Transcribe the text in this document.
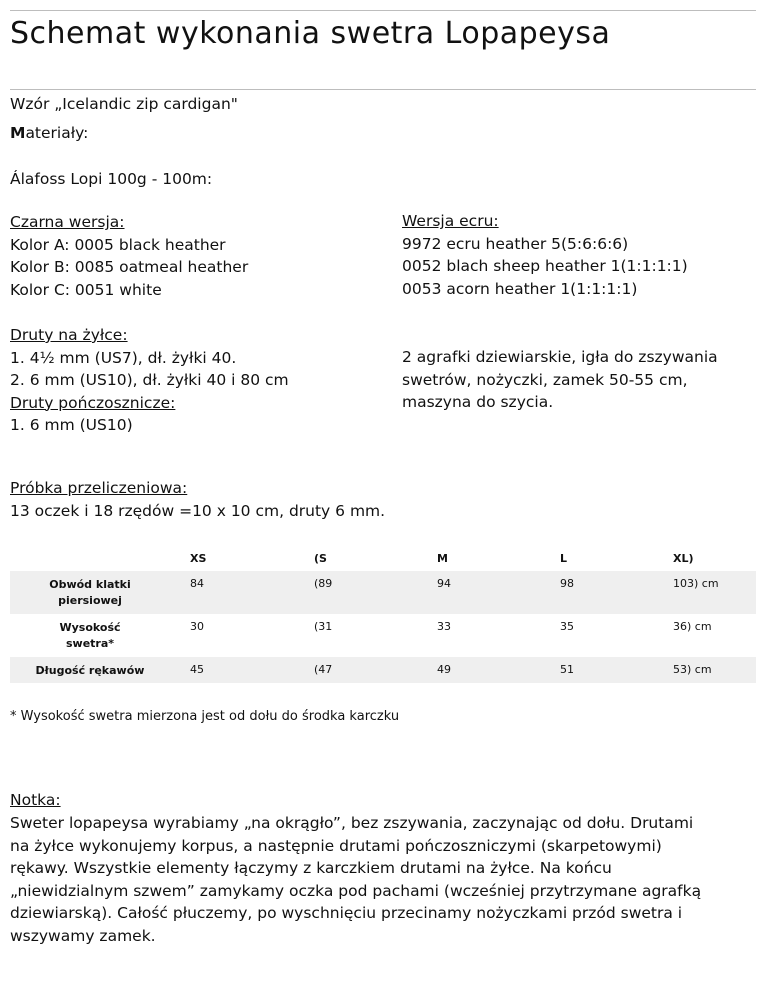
Schemat wykonania swetra Lopapeysa
Wzór „Icelandic zip cardigan"
Materiały:
Álafoss Lopi 100g - 100m:
Czarna wersja:
Kolor A: 0005 black heather
Kolor B: 0085 oatmeal heather
Kolor C: 0051 white
Wersja ecru:
9972 ecru heather 5(5:6:6:6)
0052 blach sheep heather 1(1:1:1:1)
0053 acorn heather 1(1:1:1:1)
Druty na żyłce:
1. 4½ mm (US7), dł. żyłki 40.
2. 6 mm (US10), dł. żyłki 40 i 80 cm
Druty pończosznicze:
1. 6 mm (US10)
2 agrafki dziewiarskie, igła do zszywania
swetrów, nożyczki, zamek 50-55 cm,
maszyna do szycia.
Próbka przeliczeniowa:
13 oczek i 18 rzędów =10 x 10 cm, druty 6 mm.
	XS	(S	M	L	XL)
Obwód klatki
piersiowej	84	(89	94	98	103) cm
Wysokość
swetra*	30	(31	33	35	36) cm
Długość rękawów	45	(47	49	51	53) cm
* Wysokość swetra mierzona jest od dołu do środka karczku
Notka:
Sweter lopapeysa wyrabiamy „na okrągło”, bez zszywania, zaczynając od dołu. Drutami
na żyłce wykonujemy korpus, a następnie drutami pończoszniczymi (skarpetowymi)
rękawy. Wszystkie elementy łączymy z karczkiem drutami na żyłce. Na końcu
„niewidzialnym szwem” zamykamy oczka pod pachami (wcześniej przytrzymane agrafką
dziewiarską). Całość płuczemy, po wyschnięciu przecinamy nożyczkami przód swetra i
wszywamy zamek.
